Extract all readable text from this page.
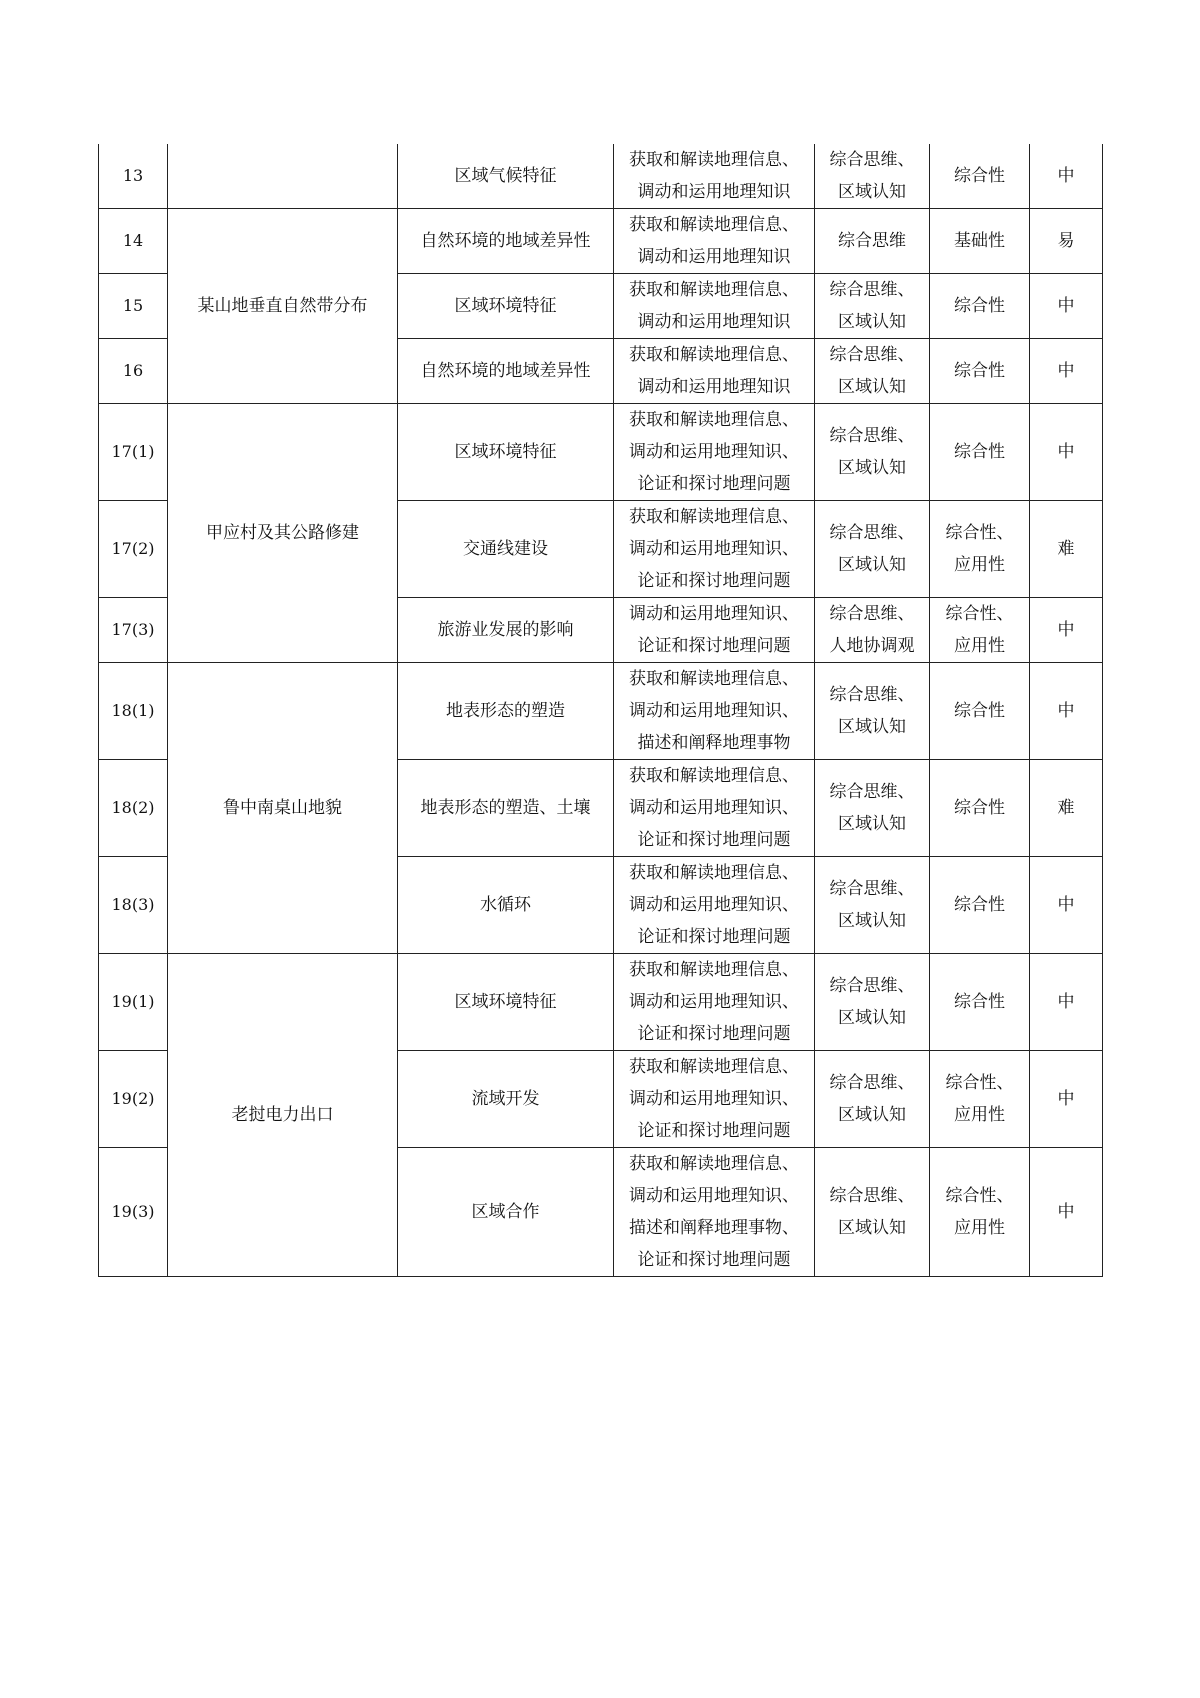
13		区域气候特征	获取和解读地理信息、
调动和运用地理知识	综合思维、
区域认知	综合性	中
14	某山地垂直自然带分布	自然环境的地域差异性	获取和解读地理信息、
调动和运用地理知识	综合思维	基础性	易
15		区域环境特征	获取和解读地理信息、
调动和运用地理知识	综合思维、
区域认知	综合性	中
16		自然环境的地域差异性	获取和解读地理信息、
调动和运用地理知识	综合思维、
区域认知	综合性	中
17(1)	甲应村及其公路修建	区域环境特征	获取和解读地理信息、
调动和运用地理知识、
论证和探讨地理问题	综合思维、
区域认知	综合性	中
17(2)		交通线建设	获取和解读地理信息、
调动和运用地理知识、
论证和探讨地理问题	综合思维、
区域认知	综合性、
应用性	难
17(3)		旅游业发展的影响	调动和运用地理知识、
论证和探讨地理问题	综合思维、
人地协调观	综合性、
应用性	中
18(1)	鲁中南桌山地貌	地表形态的塑造	获取和解读地理信息、
调动和运用地理知识、
描述和阐释地理事物	综合思维、
区域认知	综合性	中
18(2)		地表形态的塑造、土壤	获取和解读地理信息、
调动和运用地理知识、
论证和探讨地理问题	综合思维、
区域认知	综合性	难
18(3)		水循环	获取和解读地理信息、
调动和运用地理知识、
论证和探讨地理问题	综合思维、
区域认知	综合性	中
19(1)	老挝电力出口	区域环境特征	获取和解读地理信息、
调动和运用地理知识、
论证和探讨地理问题	综合思维、
区域认知	综合性	中
19(2)		流域开发	获取和解读地理信息、
调动和运用地理知识、
论证和探讨地理问题	综合思维、
区域认知	综合性、
应用性	中
19(3)		区域合作	获取和解读地理信息、
调动和运用地理知识、
描述和阐释地理事物、
论证和探讨地理问题	综合思维、
区域认知	综合性、
应用性	中
